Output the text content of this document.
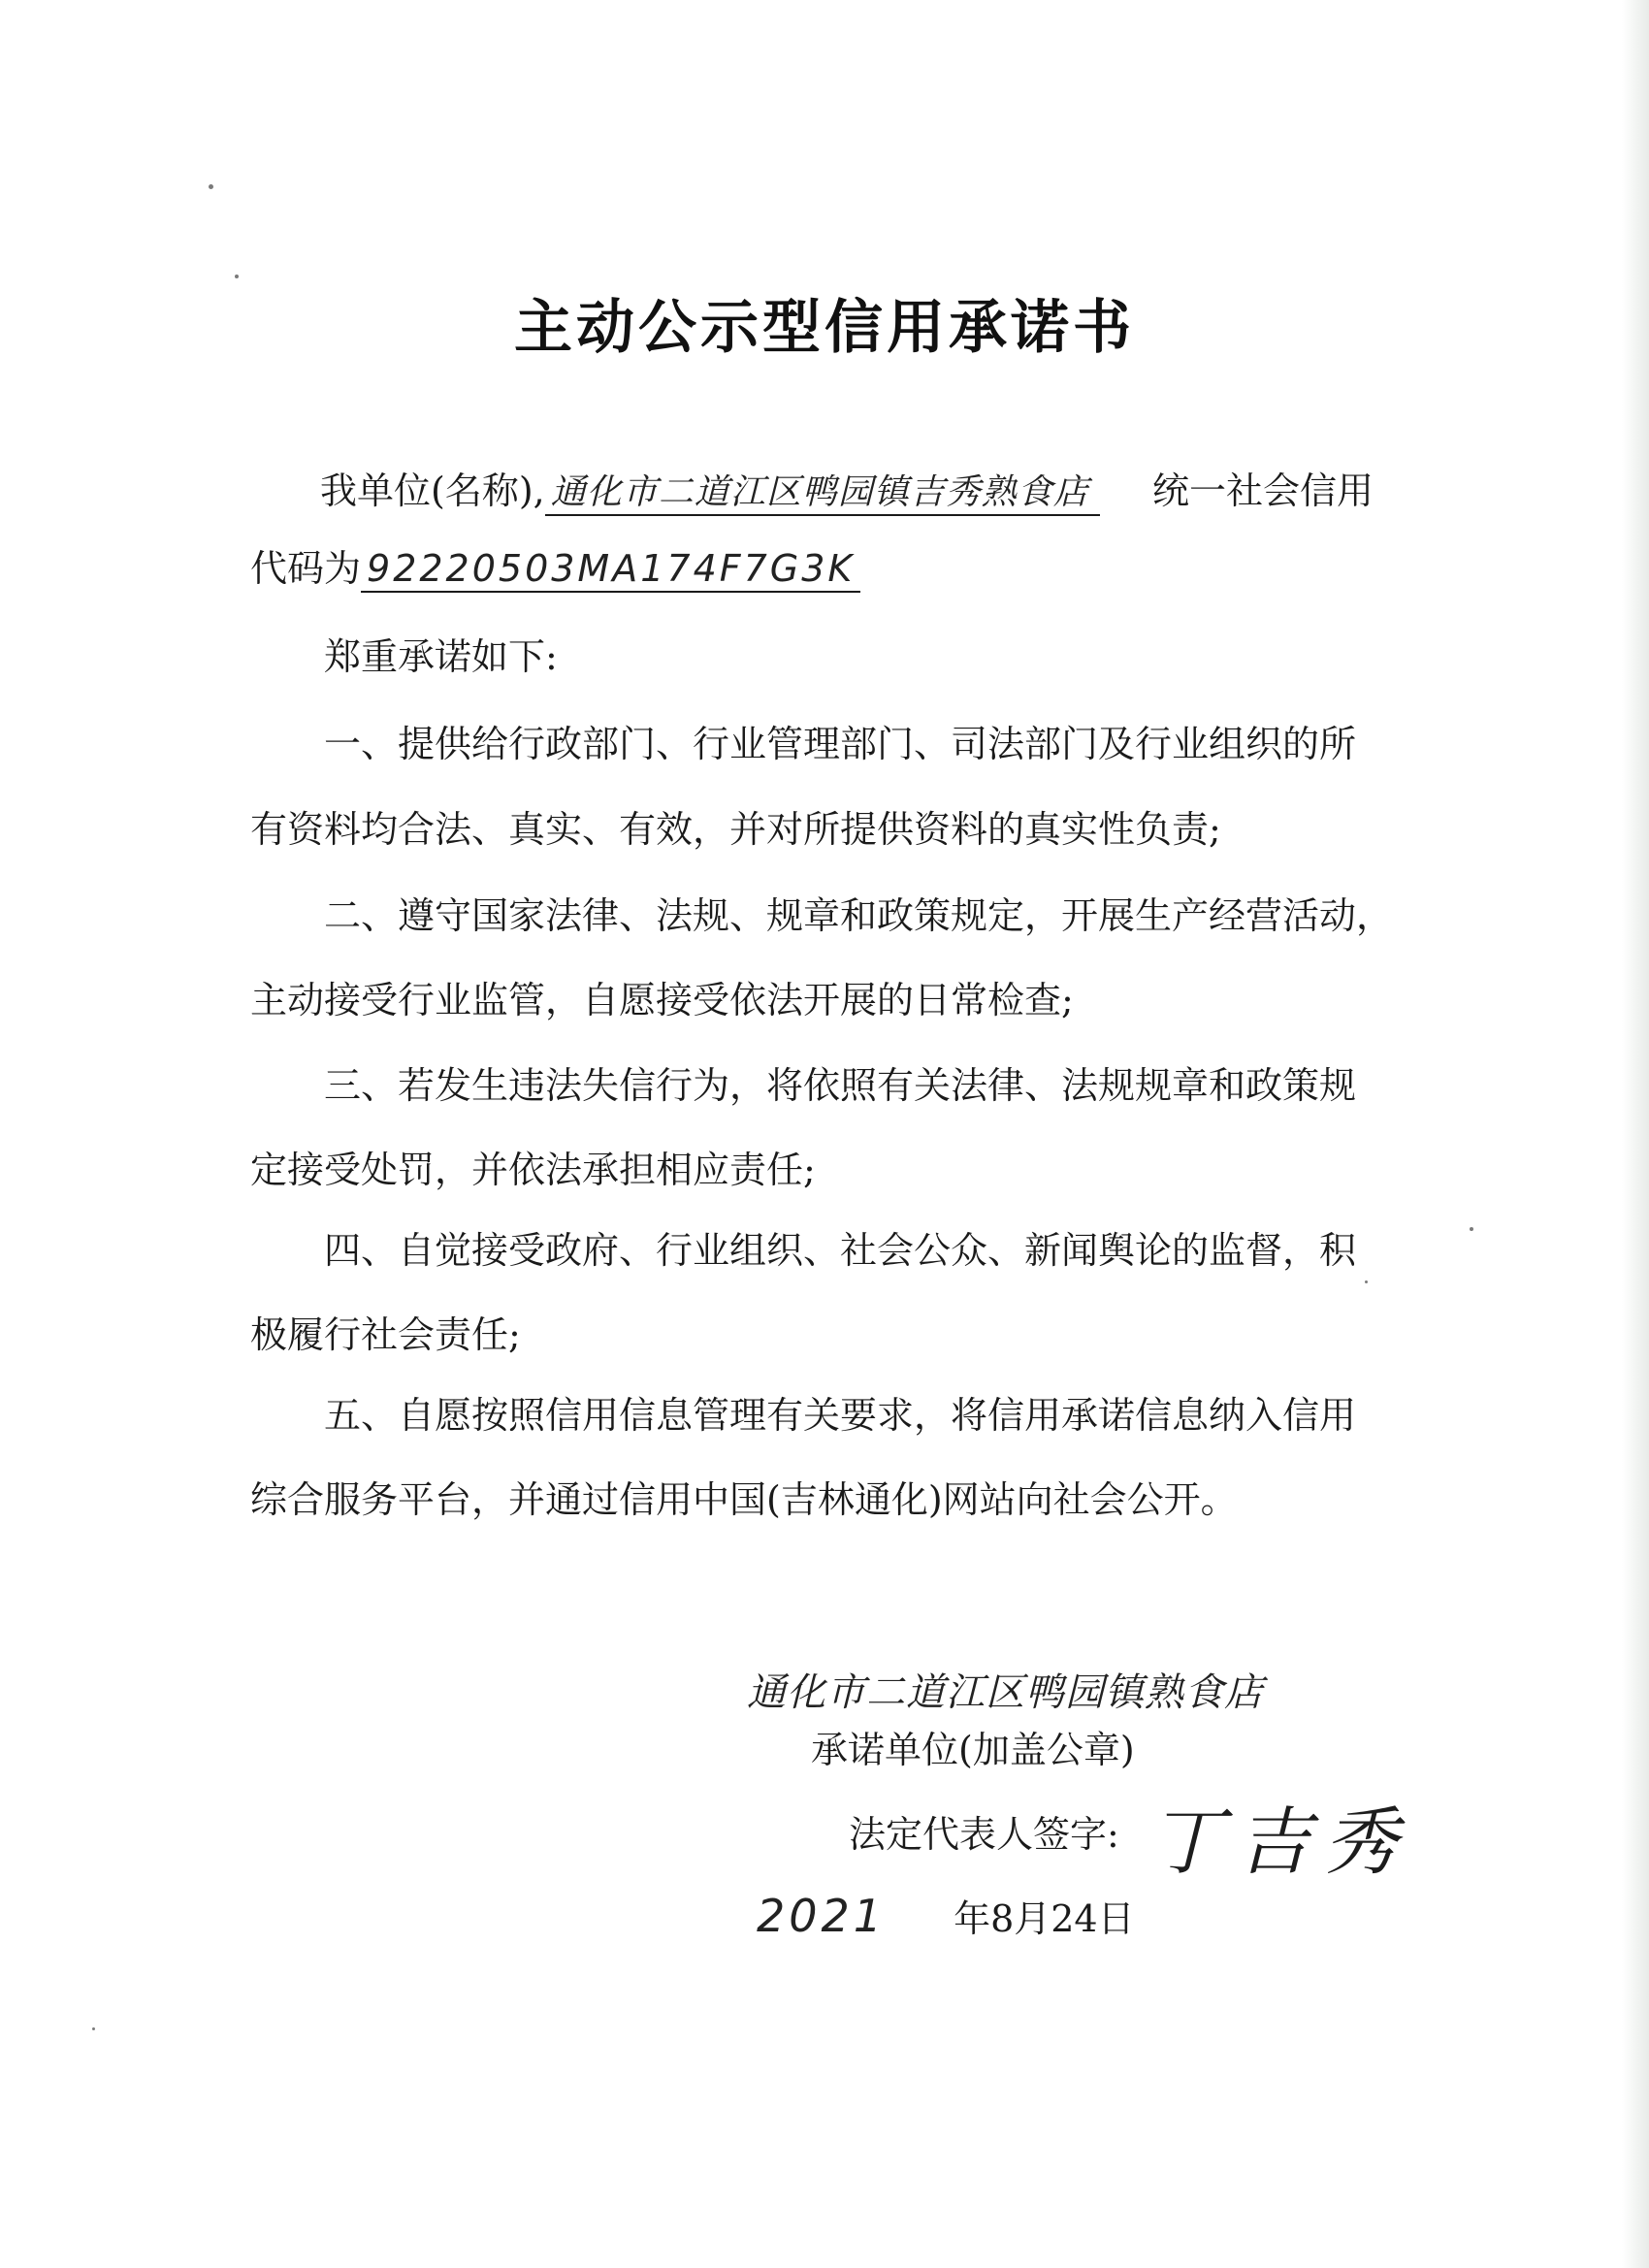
主动公示型信用承诺书
我单位(名称), 通化市二道江区鸭园镇吉秀熟食店 统一社会信用
代码为 92220503MA174F7G3K
郑重承诺如下:
一、提供给行政部门、行业管理部门、司法部门及行业组织的所
有资料均合法、真实、有效，并对所提供资料的真实性负责;
二、遵守国家法律、法规、规章和政策规定，开展生产经营活动，
主动接受行业监管，自愿接受依法开展的日常检查;
三、若发生违法失信行为，将依照有关法律、法规规章和政策规
定接受处罚，并依法承担相应责任;
四、自觉接受政府、行业组织、社会公众、新闻舆论的监督，积
极履行社会责任;
五、自愿按照信用信息管理有关要求，将信用承诺信息纳入信用
综合服务平台，并通过信用中国(吉林通化)网站向社会公开。
通化市二道江区鸭园镇熟食店
承诺单位(加盖公章)
法定代表人签字: 丁吉秀
2021 年8月24日
